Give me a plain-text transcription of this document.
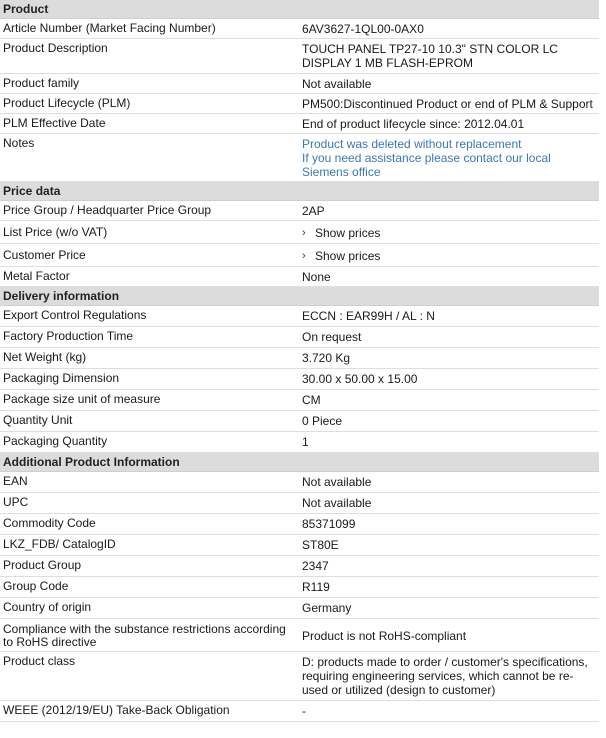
Product
Article Number (Market Facing Number)	6AV3627-1QL00-0AX0
Product Description	TOUCH PANEL TP27-10 10.3" STN COLOR LC DISPLAY 1 MB FLASH-EPROM
Product family	Not available
Product Lifecycle (PLM)	PM500:Discontinued Product or end of PLM & Support
PLM Effective Date	End of product lifecycle since: 2012.04.01
Notes	Product was deleted without replacement
If you need assistance please contact our local
Siemens office
Price data
Price Group / Headquarter Price Group	2AP
List Price (w/o VAT)	› Show prices
Customer Price	› Show prices
Metal Factor	None
Delivery information
Export Control Regulations	ECCN : EAR99H / AL : N
Factory Production Time	On request
Net Weight (kg)	3.720 Kg
Packaging Dimension	30.00 x 50.00 x 15.00
Package size unit of measure	CM
Quantity Unit	0 Piece
Packaging Quantity	1
Additional Product Information
EAN	Not available
UPC	Not available
Commodity Code	85371099
LKZ_FDB/ CatalogID	ST80E
Product Group	2347
Group Code	R119
Country of origin	Germany
Compliance with the substance restrictions according to RoHS directive	Product is not RoHS-compliant
Product class	D: products made to order / customer's specifications, requiring engineering services, which cannot be re-used or utilized (design to customer)
WEEE (2012/19/EU) Take-Back Obligation	-
